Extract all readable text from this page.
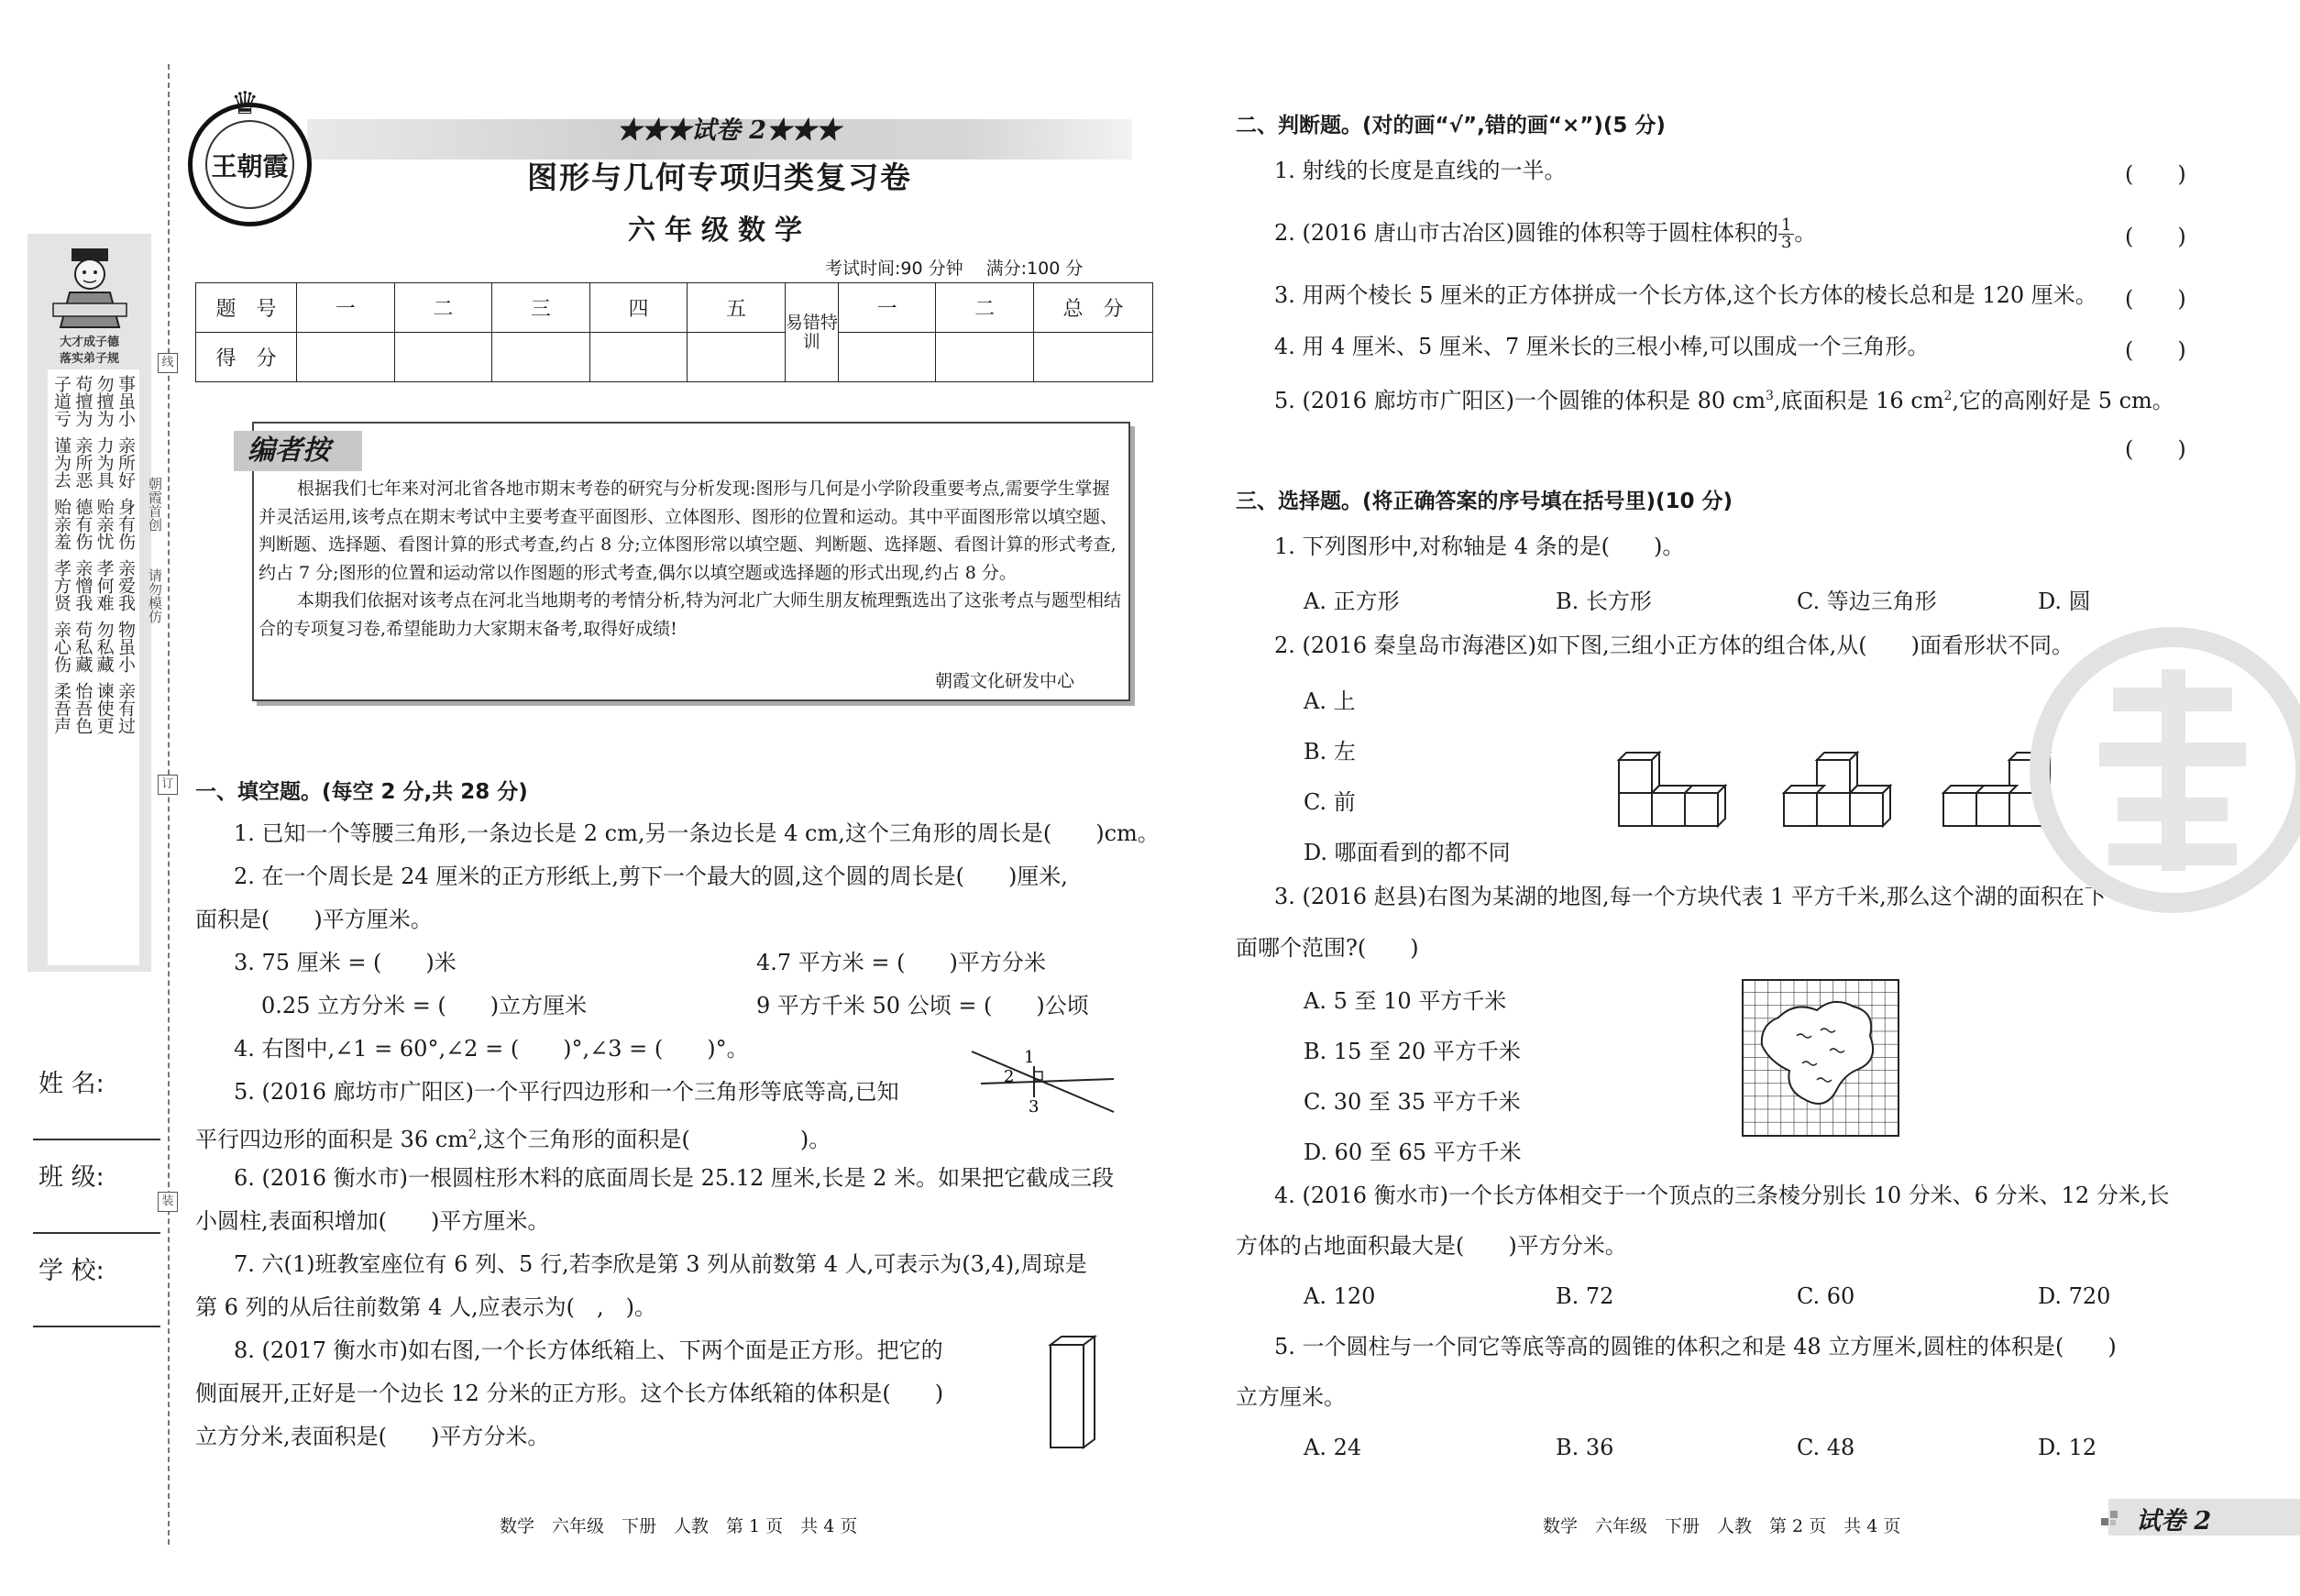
大才成子德
落实弟子规
子道亏 苟擅为 勿擅为 事虽小
谨为去 亲所恶 力为具 亲所好
贻亲羞 德有伤 贻亲忧 身有伤
孝方贤 亲憎我 孝何难 亲爱我
亲心伤 苟私藏 勿私藏 物虽小
柔吾声 怡吾色 谏使更 亲有过
姓 名:
班 级:
学 校:
朝霞首创
请勿模仿
线
订
装
♛
王朝霞
★★★试卷 2★★★
图形与几何专项归类复习卷
六年级数学
考试时间:90 分钟　 满分:100 分
题　号	一	二	三	四	五	易错特训	一	二	总　分
得　分									
编者按

根据我们七年来对河北省各地市期末考卷的研究与分析发现:图形与几何是小学阶段重要考点,需要学生掌握并灵活运用,该考点在期末考试中主要考查平面图形、立体图形、图形的位置和运动。其中平面图形常以填空题、判断题、选择题、看图计算的形式考查,约占 8 分;立体图形常以填空题、判断题、选择题、看图计算的形式考查,约占 7 分;图形的位置和运动常以作图题的形式考查,偶尔以填空题或选择题的形式出现,约占 8 分。

本期我们依据对该考点在河北当地期考的考情分析,特为河北广大师生朋友梳理甄选出了这张考点与题型相结合的专项复习卷,希望能助力大家期末备考,取得好成绩!

朝霞文化研发中心
一、填空题。(每空 2 分,共 28 分)
1. 已知一个等腰三角形,一条边长是 2 cm,另一条边长是 4 cm,这个三角形的周长是(　　)cm。
2. 在一个周长是 24 厘米的正方形纸上,剪下一个最大的圆,这个圆的周长是(　　)厘米,
面积是(　　)平方厘米。
3. 75 厘米 = (　　)米	4.7 平方米 = (　　)平方分米
0.25 立方分米 = (　　)立方厘米	9 平方千米 50 公顷 = (　　)公顷
4. 右图中,∠1 = 60°,∠2 = (　　)°,∠3 = (　　)°。	1
2
3
5. (2016 廊坊市广阳区)一个平行四边形和一个三角形等底等高,已知
平行四边形的面积是 36 $cm^2$,这个三角形的面积是(　　　　　)。
6. (2016 衡水市)一根圆柱形木料的底面周长是 25.12 厘米,长是 2 米。如果把它截成三段
小圆柱,表面积增加(　　)平方厘米。
7. 六(1)班教室座位有 6 列、5 行,若李欣是第 3 列从前数第 4 人,可表示为(3,4),周琼是
第 6 列的从后往前数第 4 人,应表示为(　,　)。
8. (2017 衡水市)如右图,一个长方体纸箱上、下两个面是正方形。把它的
侧面展开,正好是一个边长 12 分米的正方形。这个长方体纸箱的体积是(　　)
立方分米,表面积是(　　)平方分米。
数学　六年级　下册　人教　第 1 页　共 4 页
二、判断题。(对的画“√”,错的画“×”)(5 分)
1. 射线的长度是直线的一半。	(　　)
2. (2016 唐山市古冶区)圆锥的体积等于圆柱体积的 $\frac{1}{3}$ 。	(　　)
3. 用两个棱长 5 厘米的正方体拼成一个长方体,这个长方体的棱长总和是 120 厘米。 (　　)
4. 用 4 厘米、5 厘米、7 厘米长的三根小棒,可以围成一个三角形。	(　　)
5. (2016 廊坊市广阳区)一个圆锥的体积是 80 $cm^3$,底面积是 16 $cm^2$,它的高刚好是 5 cm。
(　　)
三、选择题。(将正确答案的序号填在括号里)(10 分)
1. 下列图形中,对称轴是 4 条的是(　　)。
A. 正方形	B. 长方形	C. 等边三角形	D. 圆
2. (2016 秦皇岛市海港区)如下图,三组小正方体的组合体,从(　　)面看形状不同。
A. 上
B. 左
C. 前
D. 哪面看到的都不同
3. (2016 赵县)右图为某湖的地图,每一个方块代表 1 平方千米,那么这个湖的面积在下
面哪个范围?(　　)
A. 5 至 10 平方千米
B. 15 至 20 平方千米
C. 30 至 35 平方千米
D. 60 至 65 平方千米
4. (2016 衡水市)一个长方体相交于一个顶点的三条棱分别长 10 分米、6 分米、12 分米,长
方体的占地面积最大是(　　)平方分米。
A. 120	B. 72	C. 60	D. 720
5. 一个圆柱与一个同它等底等高的圆锥的体积之和是 48 立方厘米,圆柱的体积是(　　)
立方厘米。
A. 24	B. 36	C. 48	D. 12
数学　六年级　下册　人教　第 2 页　共 4 页	试卷 2
